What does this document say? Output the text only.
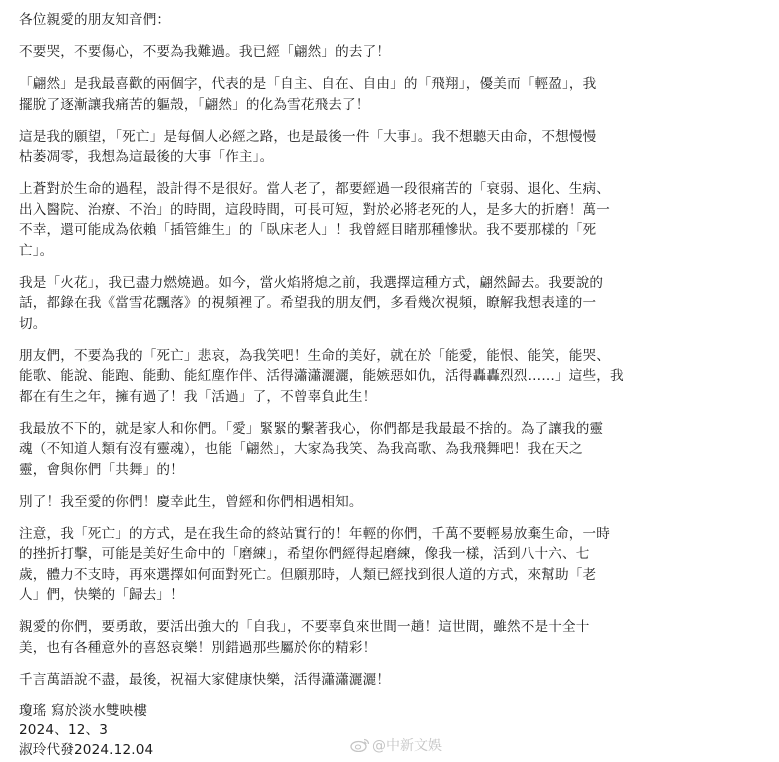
各位親愛的朋友知音們：
不要哭，不要傷心，不要為我難過。我已經「翩然」的去了！
「翩然」是我最喜歡的兩個字，代表的是「自主、自在、自由」的「飛翔」，優美而「輕盈」，我
擺脫了逐漸讓我痛苦的軀殼，「翩然」的化為雪花飛去了！
這是我的願望，「死亡」是每個人必經之路，也是最後一件「大事」。我不想聽天由命，不想慢慢
枯萎凋零，我想為這最後的大事「作主」。
上蒼對於生命的過程，設計得不是很好。當人老了，都要經過一段很痛苦的「衰弱、退化、生病、
出入醫院、治療、不治」的時間，這段時間，可長可短，對於必將老死的人，是多大的折磨！萬一
不幸，還可能成為依賴「插管維生」的「臥床老人」！我曾經目睹那種慘狀。我不要那樣的「死
亡」。
我是「火花」，我已盡力燃燒過。如今，當火焰將熄之前，我選擇這種方式，翩然歸去。我要說的
話，都錄在我《當雪花飄落》的視頻裡了。希望我的朋友們，多看幾次視頻，瞭解我想表達的一
切。
朋友們，不要為我的「死亡」悲哀，為我笑吧！生命的美好，就在於「能愛，能恨、能笑，能哭、
能歌、能說、能跑、能動、能紅塵作伴、活得瀟瀟灑灑，能嫉惡如仇，活得轟轟烈烈……」這些，我
都在有生之年，擁有過了！我「活過」了，不曾辜負此生！
我最放不下的，就是家人和你們。「愛」緊緊的繫著我心，你們都是我最最不捨的。為了讓我的靈
魂（不知道人類有沒有靈魂），也能「翩然」，大家為我笑、為我高歌、為我飛舞吧！我在天之
靈，會與你們「共舞」的！
別了！我至愛的你們！慶幸此生，曾經和你們相遇相知。
注意，我「死亡」的方式，是在我生命的終站實行的！年輕的你們，千萬不要輕易放棄生命，一時
的挫折打擊，可能是美好生命中的「磨練」，希望你們經得起磨練，像我一樣，活到八十六、七
歲，體力不支時，再來選擇如何面對死亡。但願那時，人類已經找到很人道的方式，來幫助「老
人」們，快樂的「歸去」！
親愛的你們，要勇敢，要活出強大的「自我」，不要辜負來世間一趟！這世間，雖然不是十全十
美，也有各種意外的喜怒哀樂！別錯過那些屬於你的精彩！
千言萬語說不盡，最後，祝福大家健康快樂，活得瀟瀟灑灑！
瓊瑤 寫於淡水雙映樓
2024、12、3
淑玲代發2024.12.04	@中新文娛
